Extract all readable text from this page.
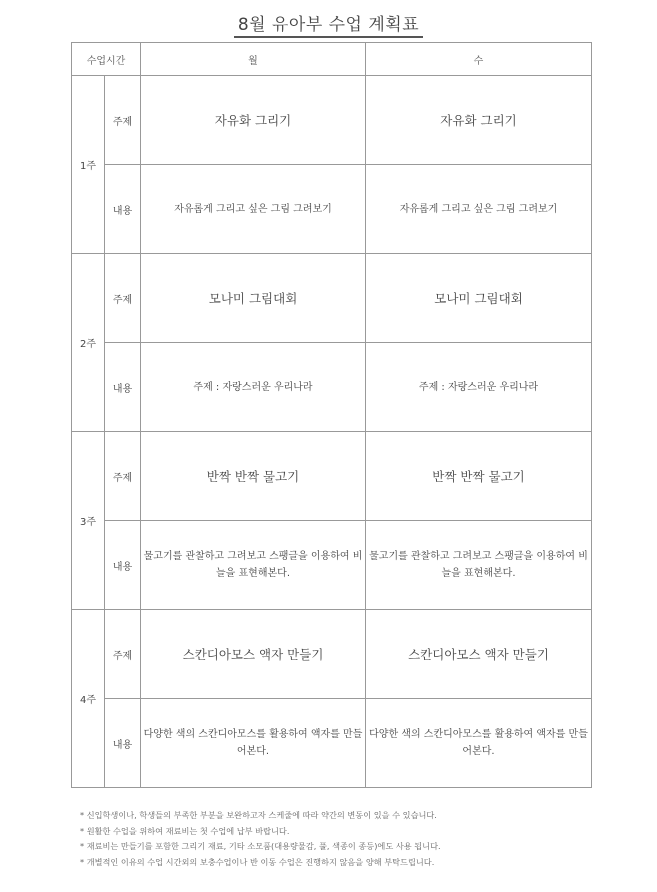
8월 유아부 수업 계획표
수업시간		월	수
1주	주제	자유화 그리기	자유화 그리기
	내용	자유롭게 그리고 싶은 그림 그려보기	자유롭게 그리고 싶은 그림 그려보기
2주	주제	모나미 그림대회	모나미 그림대회
	내용	주제 : 자랑스러운 우리나라	주제 : 자랑스러운 우리나라
3주	주제	반짝 반짝 물고기	반짝 반짝 물고기
	내용	물고기를 관찰하고 그려보고 스팽글을 이용하여 비늘을 표현해본다.	물고기를 관찰하고 그려보고 스팽글을 이용하여 비늘을 표현해본다.
4주	주제	스칸디아모스 액자 만들기	스칸디아모스 액자 만들기
	내용	다양한 색의 스칸디아모스를 활용하여 액자를 만들어본다.	다양한 색의 스칸디아모스를 활용하여 액자를 만들어본다.
* 신입학생이나, 학생들의 부족한 부분을 보완하고자 스케줄에 따라 약간의 변동이 있을 수 있습니다.
* 원활한 수업을 위하여 재료비는 첫 수업에 납부 바랍니다.
* 재료비는 만들기를 포함한 그리기 재료, 기타 소모품(대용량물감, 풀, 색종이 종등)에도 사용 됩니다.
* 개별적인 이유의 수업 시간외의 보충수업이나 반 이동 수업은 진행하지 않음을 양해 부탁드립니다.
